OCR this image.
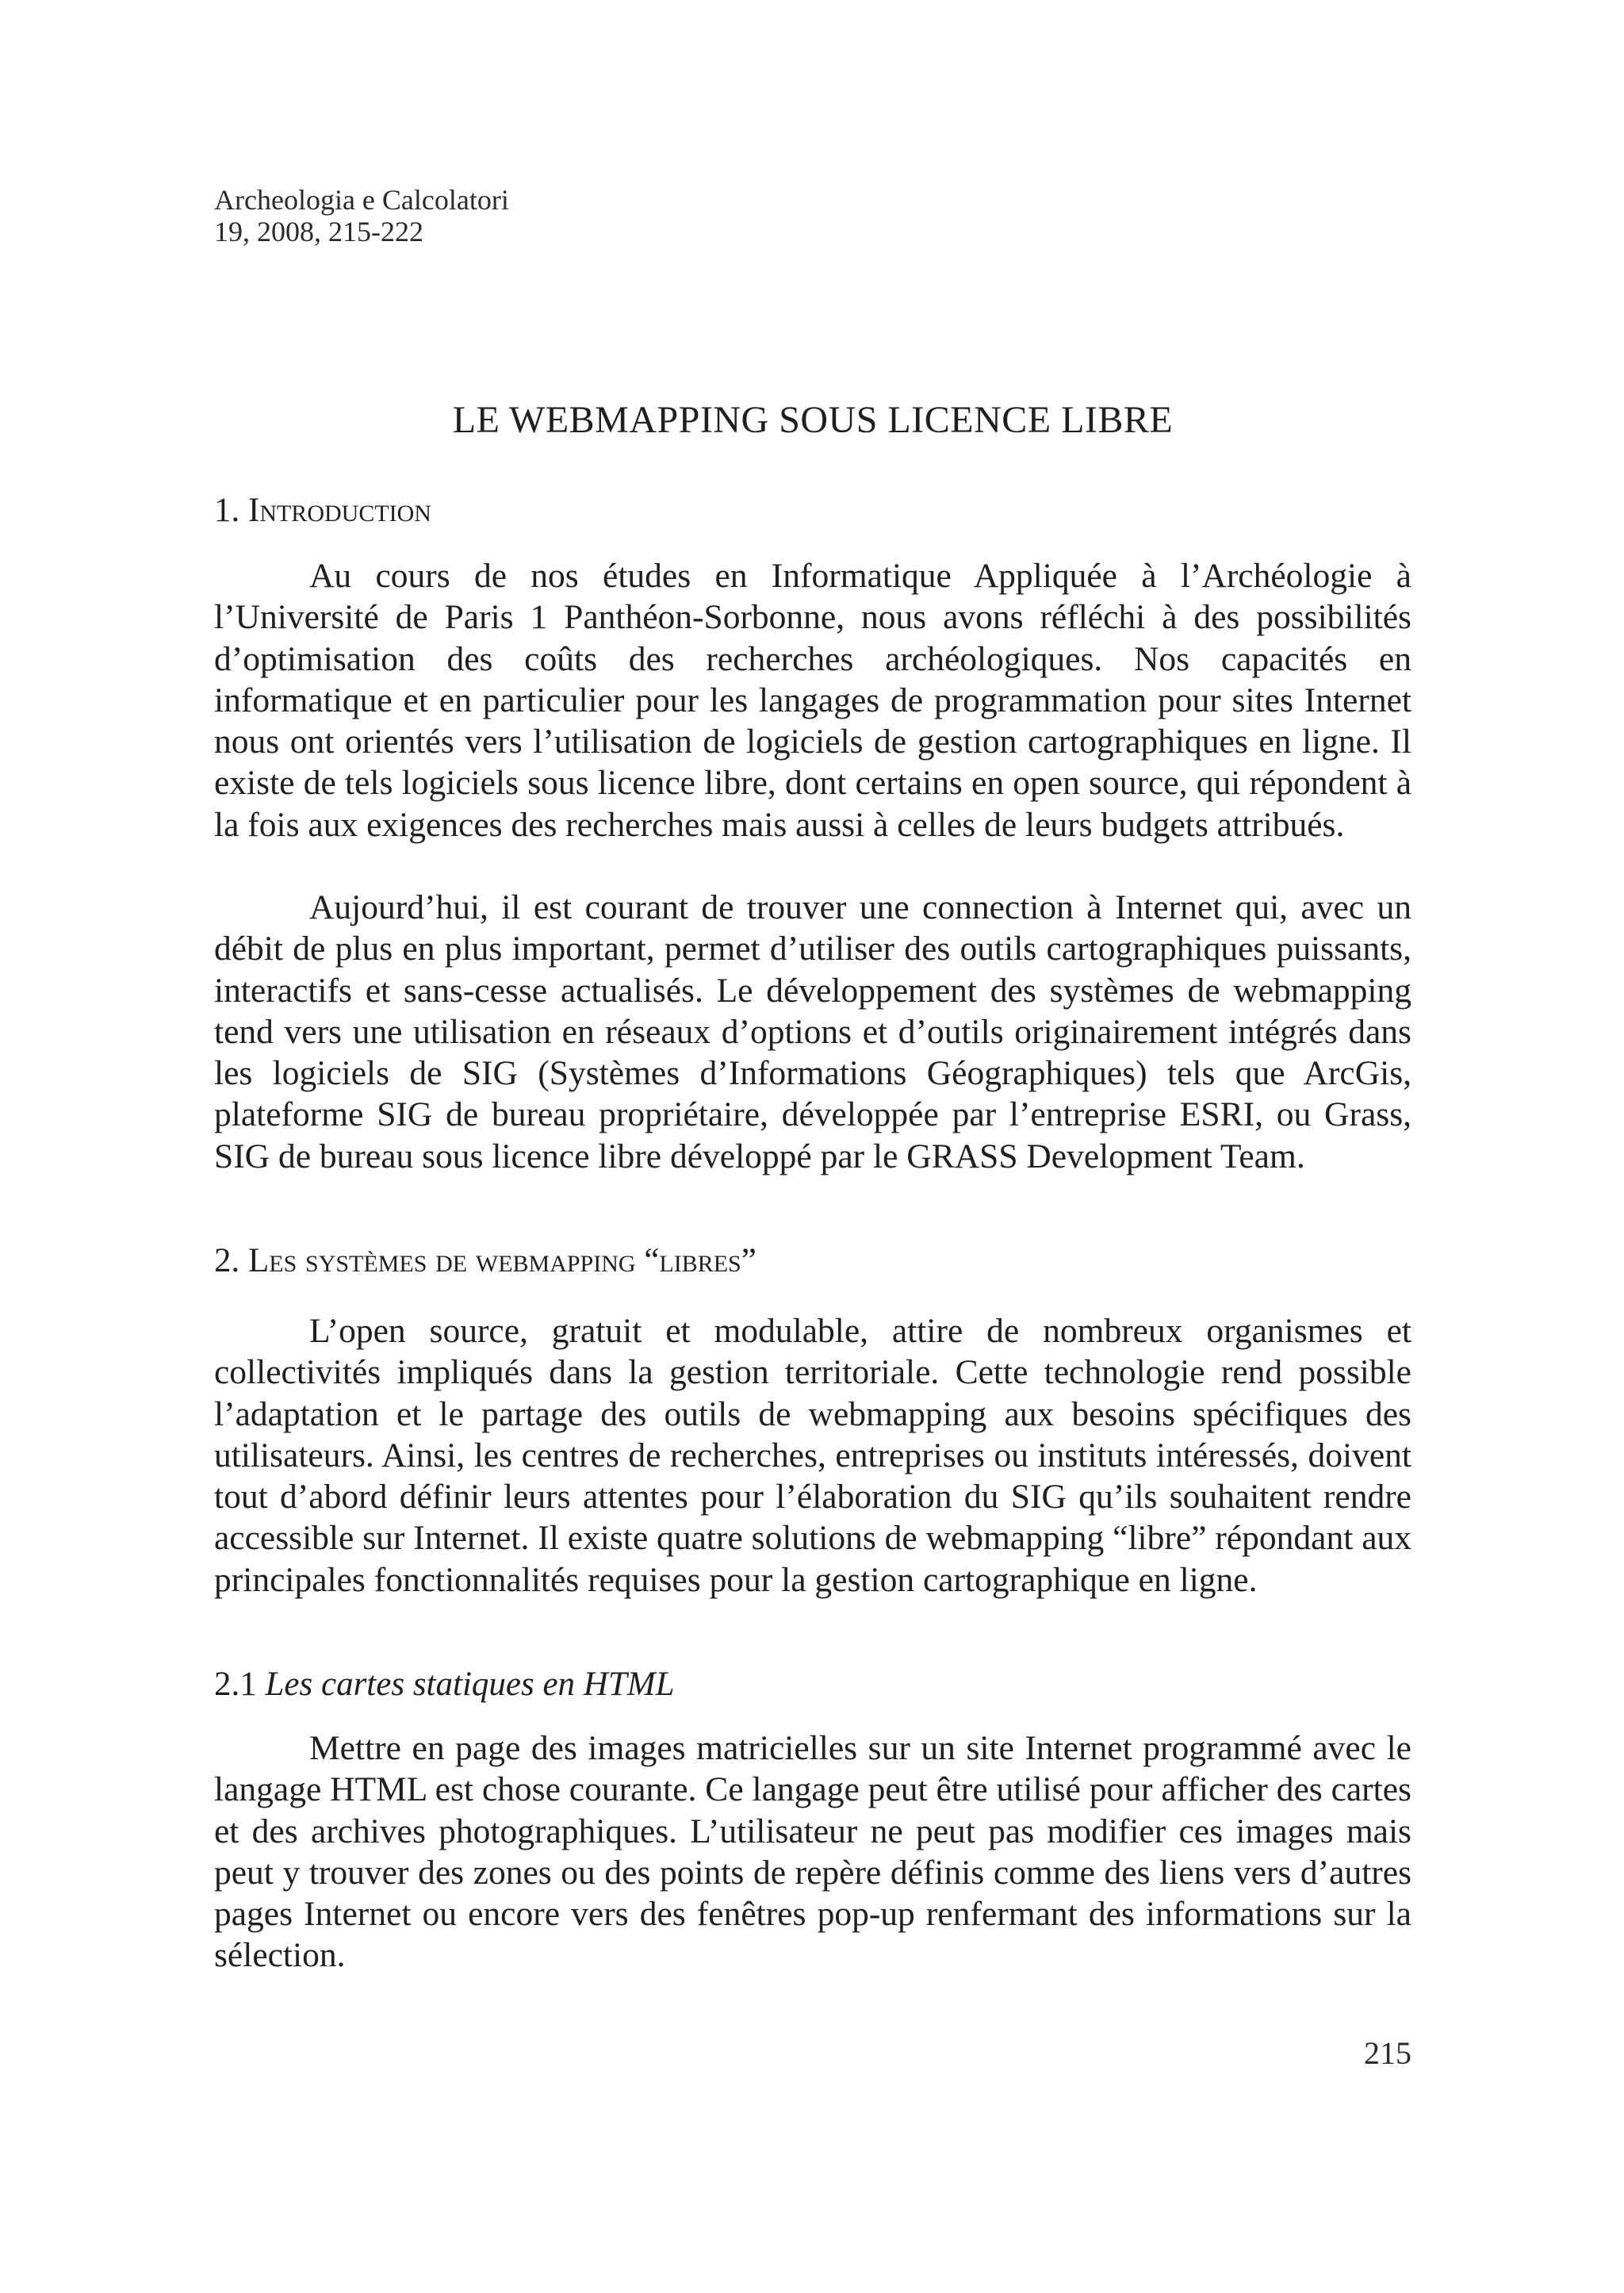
Archeologia e Calcolatori
19, 2008, 215-222
LE WEBMAPPING SOUS LICENCE LIBRE
1. Introduction

Au cours de nos études en Informatique Appliquée à l’Archéologie à l’Université de Paris 1 Panthéon-Sorbonne, nous avons réfléchi à des possibilités d’optimisation des coûts des recherches archéologiques. Nos capacités en informatique et en particulier pour les langages de programmation pour sites Internet nous ont orientés vers l’utilisation de logiciels de gestion cartographiques en ligne. Il existe de tels logiciels sous licence libre, dont certains en open source, qui répondent à la fois aux exigences des recherches mais aussi à celles de leurs budgets attribués.

Aujourd’hui, il est courant de trouver une connection à Internet qui, avec un débit de plus en plus important, permet d’utiliser des outils cartographiques puissants, interactifs et sans-cesse actualisés. Le développement des systèmes de webmapping tend vers une utilisation en réseaux d’options et d’outils originairement intégrés dans les logiciels de SIG (Systèmes d’Informations Géographiques) tels que ArcGis, plateforme SIG de bureau propriétaire, développée par l’entreprise ESRI, ou Grass, SIG de bureau sous licence libre développé par le GRASS Development Team.

2. Les systèmes de webmapping “libres”

L’open source, gratuit et modulable, attire de nombreux organismes et collectivités impliqués dans la gestion territoriale. Cette technologie rend possible l’adaptation et le partage des outils de webmapping aux besoins spécifiques des utilisateurs. Ainsi, les centres de recherches, entreprises ou instituts intéressés, doivent tout d’abord définir leurs attentes pour l’élaboration du SIG qu’ils souhaitent rendre accessible sur Internet. Il existe quatre solutions de webmapping “libre” répondant aux principales fonctionnalités requises pour la gestion cartographique en ligne.

2.1 Les cartes statiques en HTML

Mettre en page des images matricielles sur un site Internet programmé avec le langage HTML est chose courante. Ce langage peut être utilisé pour afficher des cartes et des archives photographiques. L’utilisateur ne peut pas modifier ces images mais peut y trouver des zones ou des points de repère définis comme des liens vers d’autres pages Internet ou encore vers des fenêtres pop-up renfermant des informations sur la sélection.

215
